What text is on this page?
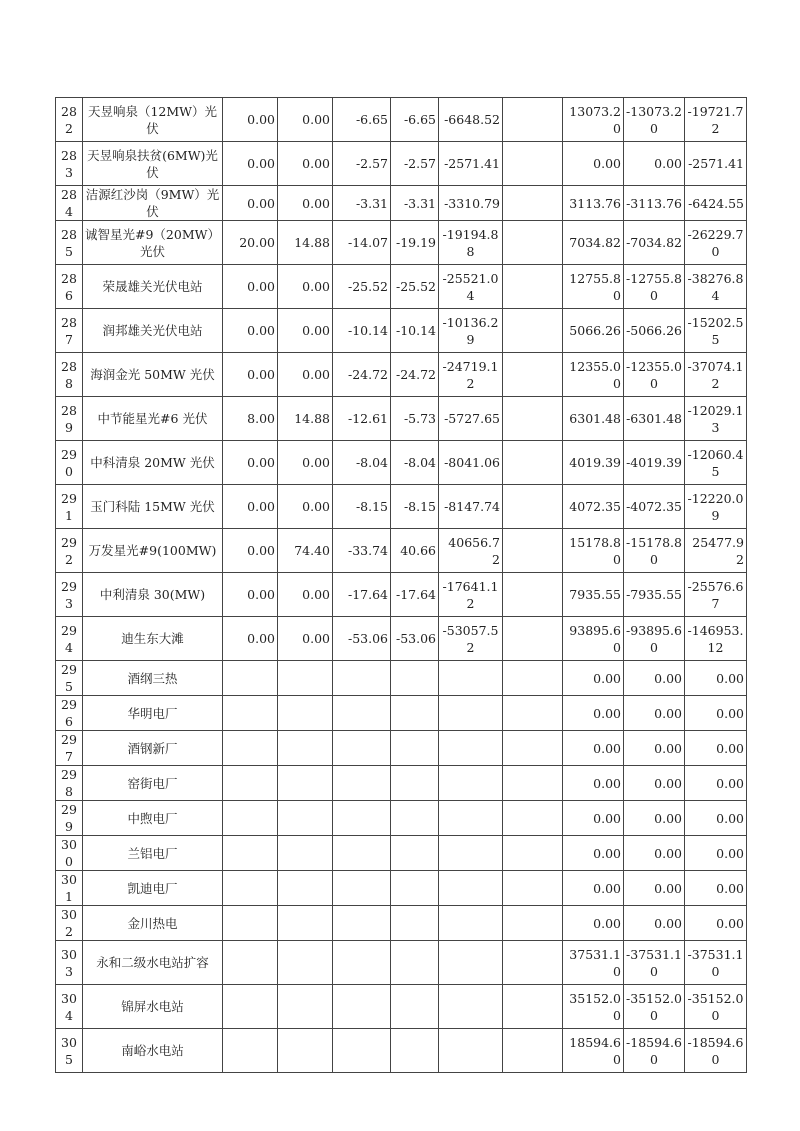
282	天昱响泉（12MW）光伏	0.00	0.00	-6.65	-6.65	-6648.52		13073.20	-13073.20	-19721.72
283	天昱响泉扶贫(6MW)光伏	0.00	0.00	-2.57	-2.57	-2571.41		0.00	0.00	-2571.41
284	洁源红沙岗（9MW）光伏	0.00	0.00	-3.31	-3.31	-3310.79		3113.76	-3113.76	-6424.55
285	诚智星光#9（20MW）光伏	20.00	14.88	-14.07	-19.19	-19194.88		7034.82	-7034.82	-26229.70
286	荣晟雄关光伏电站	0.00	0.00	-25.52	-25.52	-25521.04		12755.80	-12755.80	-38276.84
287	润邦雄关光伏电站	0.00	0.00	-10.14	-10.14	-10136.29		5066.26	-5066.26	-15202.55
288	海润金光 50MW 光伏	0.00	0.00	-24.72	-24.72	-24719.12		12355.00	-12355.00	-37074.12
289	中节能星光#6 光伏	8.00	14.88	-12.61	-5.73	-5727.65		6301.48	-6301.48	-12029.13
290	中科清泉 20MW 光伏	0.00	0.00	-8.04	-8.04	-8041.06		4019.39	-4019.39	-12060.45
291	玉门科陆 15MW 光伏	0.00	0.00	-8.15	-8.15	-8147.74		4072.35	-4072.35	-12220.09
292	万发星光#9(100MW)	0.00	74.40	-33.74	40.66	40656.72		15178.80	-15178.80	25477.92
293	中利清泉 30(MW)	0.00	0.00	-17.64	-17.64	-17641.12		7935.55	-7935.55	-25576.67
294	迪生东大滩	0.00	0.00	-53.06	-53.06	-53057.52		93895.60	-93895.60	-146953.12
295	酒纲三热							0.00	0.00	0.00
296	华明电厂							0.00	0.00	0.00
297	酒钢新厂							0.00	0.00	0.00
298	窑街电厂							0.00	0.00	0.00
299	中煦电厂							0.00	0.00	0.00
300	兰铝电厂							0.00	0.00	0.00
301	凯迪电厂							0.00	0.00	0.00
302	金川热电							0.00	0.00	0.00
303	永和二级水电站扩容							37531.10	-37531.10	-37531.10
304	锦屏水电站							35152.00	-35152.00	-35152.00
305	南峪水电站							18594.60	-18594.60	-18594.60
